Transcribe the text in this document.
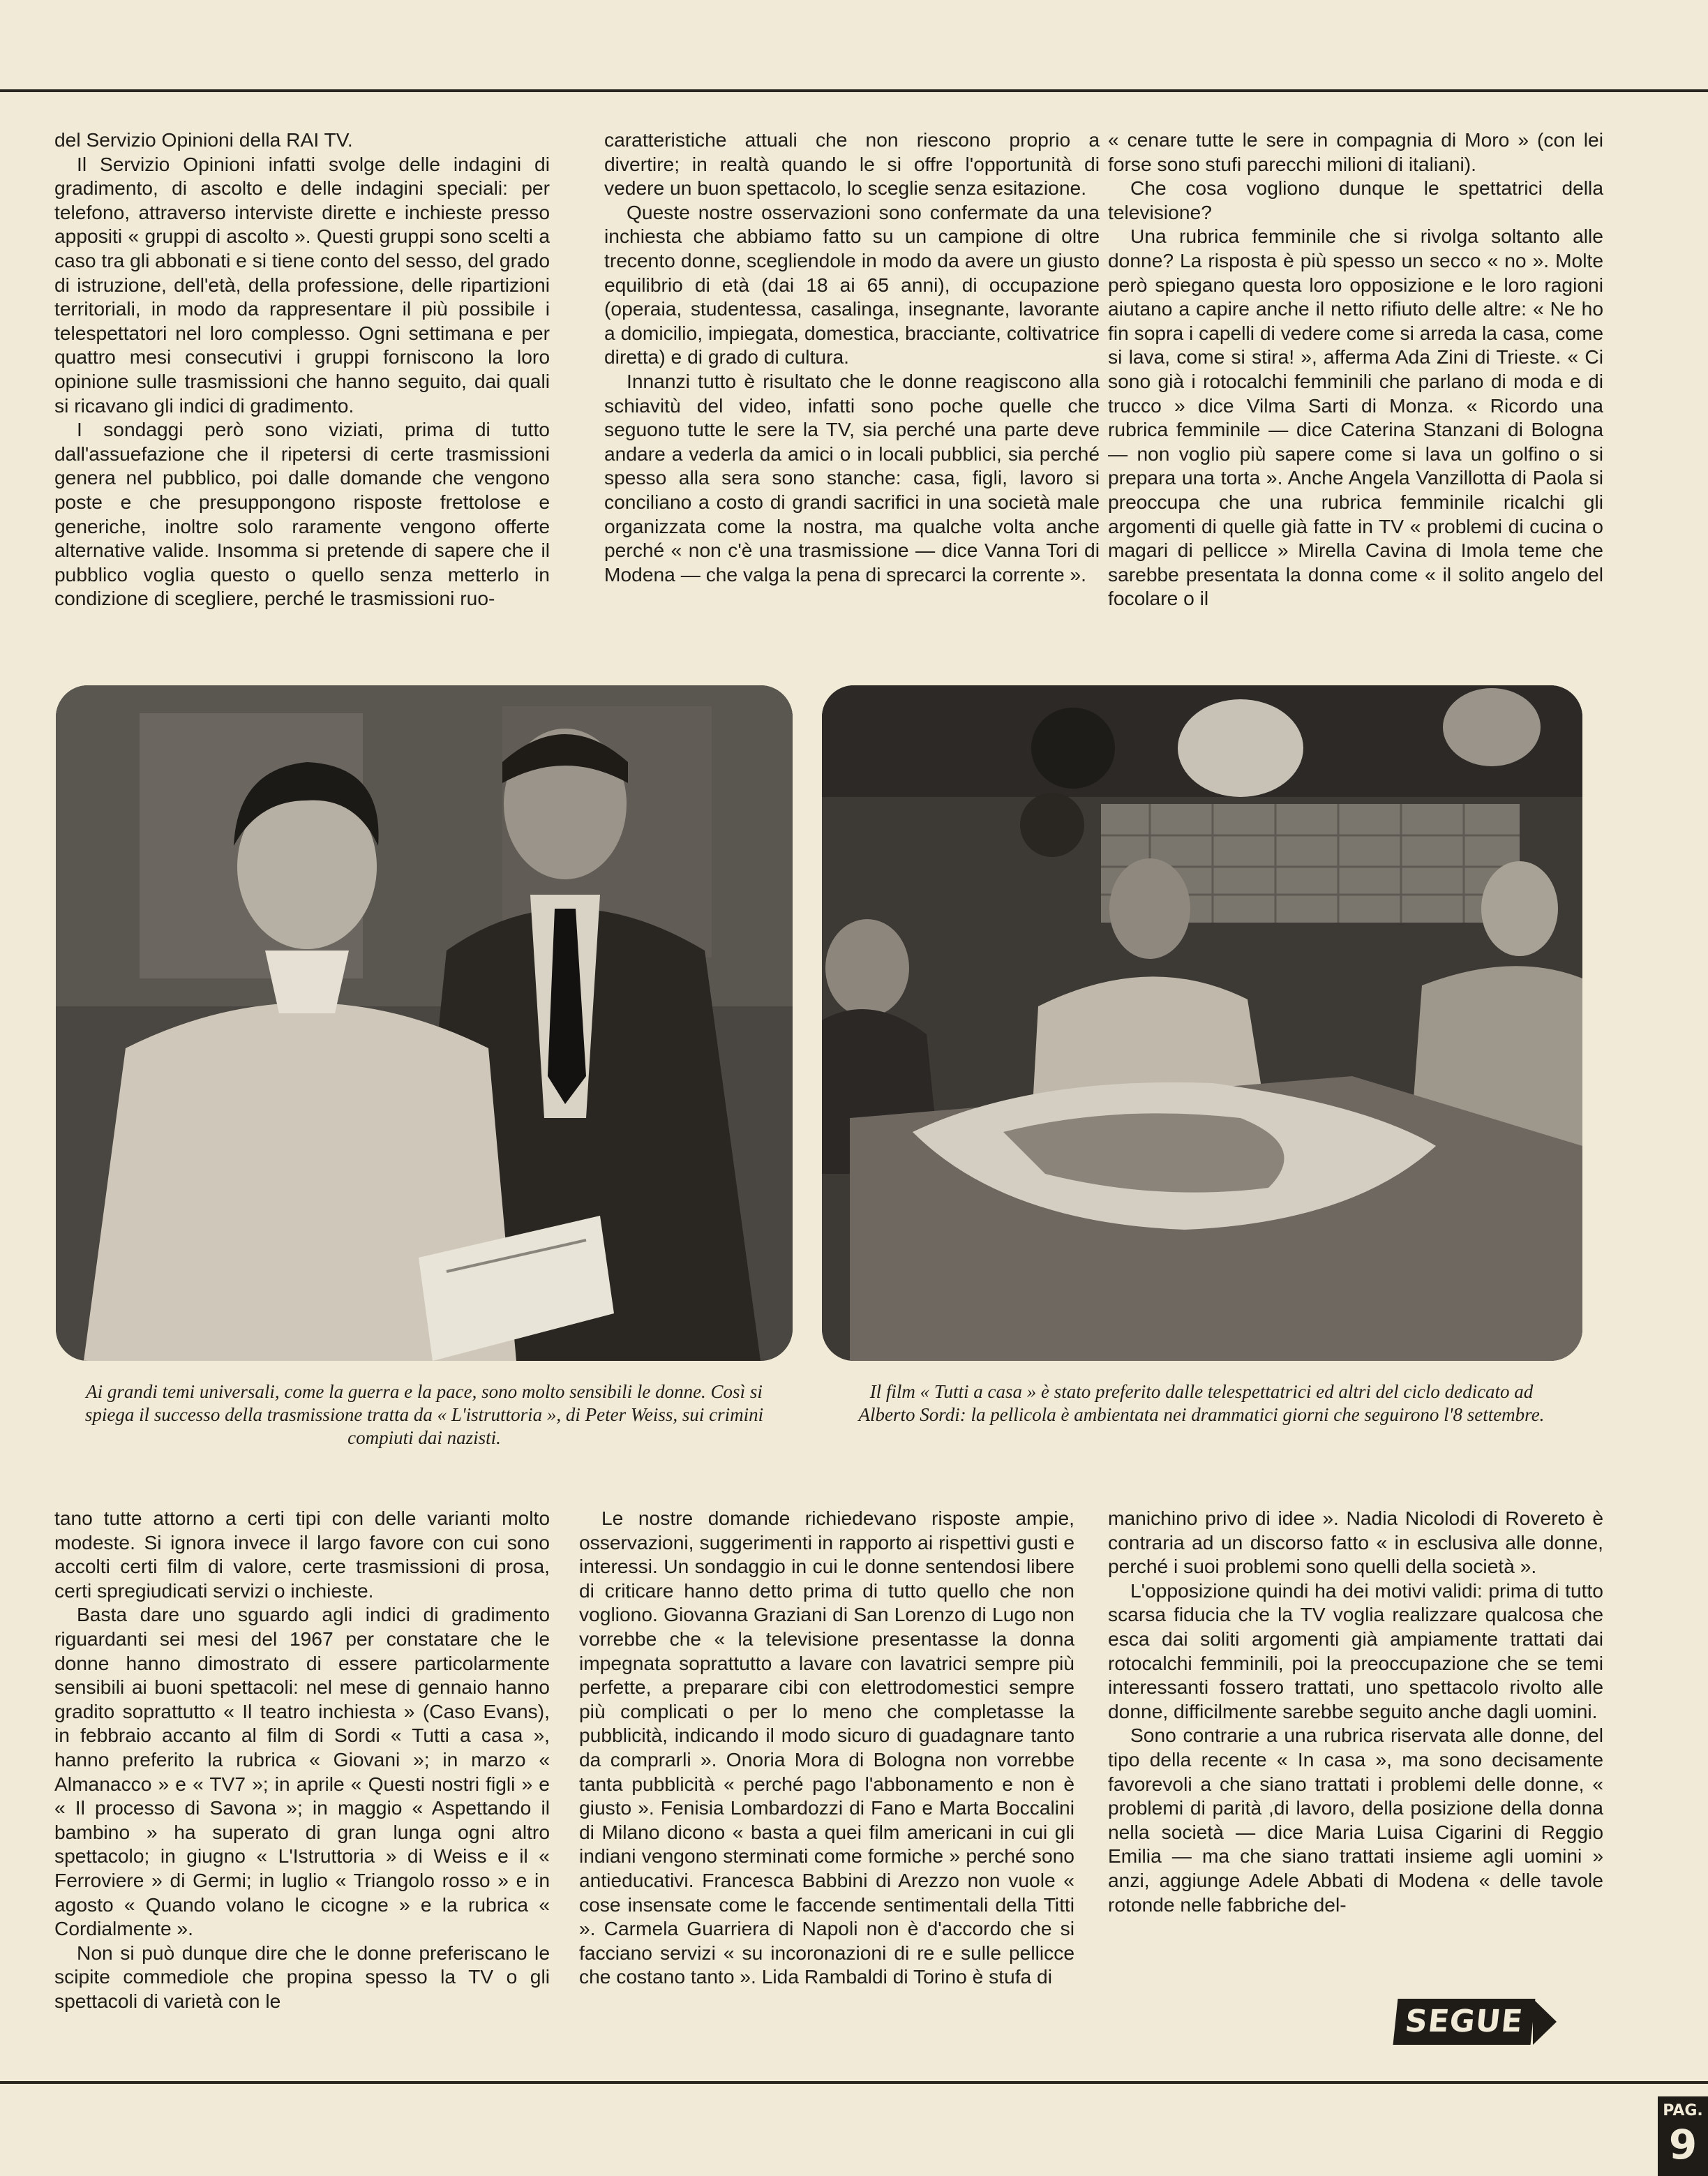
del Servizio Opinioni della RAI TV.

Il Servizio Opinioni infatti svolge delle indagini di gradimento, di ascolto e delle indagini speciali: per telefono, attraverso interviste dirette e inchieste presso appositi « gruppi di ascolto ». Questi gruppi sono scelti a caso tra gli abbonati e si tiene conto del sesso, del grado di istruzione, dell'età, della professione, delle ripartizioni territoriali, in modo da rappresentare il più possibile i telespettatori nel loro complesso. Ogni settimana e per quattro mesi consecutivi i gruppi forniscono la loro opinione sulle trasmissioni che hanno seguito, dai quali si ricavano gli indici di gradimento.

I sondaggi però sono viziati, prima di tutto dall'assuefazione che il ripetersi di certe trasmissioni genera nel pubblico, poi dalle domande che vengono poste e che presuppongono risposte frettolose e generiche, inoltre solo raramente vengono offerte alternative valide. Insomma si pretende di sapere che il pubblico voglia questo o quello senza metterlo in condizione di scegliere, perché le trasmissioni ruo-

caratteristiche attuali che non riescono proprio a divertire; in realtà quando le si offre l'opportunità di vedere un buon spettacolo, lo sceglie senza esitazione.

Queste nostre osservazioni sono confermate da una inchiesta che abbiamo fatto su un campione di oltre trecento donne, scegliendole in modo da avere un giusto equilibrio di età (dai 18 ai 65 anni), di occupazione (operaia, studentessa, casalinga, insegnante, lavorante a domicilio, impiegata, domestica, bracciante, coltivatrice diretta) e di grado di cultura.

Innanzi tutto è risultato che le donne reagiscono alla schiavitù del video, infatti sono poche quelle che seguono tutte le sere la TV, sia perché una parte deve andare a vederla da amici o in locali pubblici, sia perché spesso alla sera sono stanche: casa, figli, lavoro si conciliano a costo di grandi sacrifici in una società male organizzata come la nostra, ma qualche volta anche perché « non c'è una trasmissione — dice Vanna Tori di Modena — che valga la pena di sprecarci la corrente ».

« cenare tutte le sere in compagnia di Moro » (con lei forse sono stufi parecchi milioni di italiani).

Che cosa vogliono dunque le spettatrici della televisione?

Una rubrica femminile che si rivolga soltanto alle donne? La risposta è più spesso un secco « no ». Molte però spiegano questa loro opposizione e le loro ragioni aiutano a capire anche il netto rifiuto delle altre: « Ne ho fin sopra i capelli di vedere come si arreda la casa, come si lava, come si stira! », afferma Ada Zini di Trieste. « Ci sono già i rotocalchi femminili che parlano di moda e di trucco » dice Vilma Sarti di Monza. « Ricordo una rubrica femminile — dice Caterina Stanzani di Bologna — non voglio più sapere come si lava un golfino o si prepara una torta ». Anche Angela Vanzillotta di Paola si preoccupa che una rubrica femminile ricalchi gli argomenti di quelle già fatte in TV « problemi di cucina o magari di pellicce » Mirella Cavina di Imola teme che sarebbe presentata la donna come « il solito angelo del focolare o il

Ai grandi temi universali, come la guerra e la pace, sono molto sensibili le donne. Così si spiega il successo della trasmissione tratta da « L'istruttoria », di Peter Weiss, sui crimini compiuti dai nazisti.
Il film « Tutti a casa » è stato preferito dalle telespettatrici ed altri del ciclo dedicato ad Alberto Sordi: la pellicola è ambientata nei drammatici giorni che seguirono l'8 settembre.

tano tutte attorno a certi tipi con delle varianti molto modeste. Si ignora invece il largo favore con cui sono accolti certi film di valore, certe trasmissioni di prosa, certi spregiudicati servizi o inchieste.

Basta dare uno sguardo agli indici di gradimento riguardanti sei mesi del 1967 per constatare che le donne hanno dimostrato di essere particolarmente sensibili ai buoni spettacoli: nel mese di gennaio hanno gradito soprattutto « Il teatro inchiesta » (Caso Evans), in febbraio accanto al film di Sordi « Tutti a casa », hanno preferito la rubrica « Giovani »; in marzo « Almanacco » e « TV7 »; in aprile « Questi nostri figli » e « Il processo di Savona »; in maggio « Aspettando il bambino » ha superato di gran lunga ogni altro spettacolo; in giugno « L'Istruttoria » di Weiss e il « Ferroviere » di Germi; in luglio « Triangolo rosso » e in agosto « Quando volano le cicogne » e la rubrica « Cordialmente ».

Non si può dunque dire che le donne preferiscano le scipite commediole che propina spesso la TV o gli spettacoli di varietà con le

Le nostre domande richiedevano risposte ampie, osservazioni, suggerimenti in rapporto ai rispettivi gusti e interessi. Un sondaggio in cui le donne sentendosi libere di criticare hanno detto prima di tutto quello che non vogliono. Giovanna Graziani di San Lorenzo di Lugo non vorrebbe che « la televisione presentasse la donna impegnata soprattutto a lavare con lavatrici sempre più perfette, a preparare cibi con elettrodomestici sempre più complicati o per lo meno che completasse la pubblicità, indicando il modo sicuro di guadagnare tanto da comprarli ». Onoria Mora di Bologna non vorrebbe tanta pubblicità « perché pago l'abbonamento e non è giusto ». Fenisia Lombardozzi di Fano e Marta Boccalini di Milano dicono « basta a quei film americani in cui gli indiani vengono sterminati come formiche » perché sono antieducativi. Francesca Babbini di Arezzo non vuole « cose insensate come le faccende sentimentali della Titti ». Carmela Guarriera di Napoli non è d'accordo che si facciano servizi « su incoronazioni di re e sulle pellicce che costano tanto ». Lida Rambaldi di Torino è stufa di

manichino privo di idee ». Nadia Nicolodi di Rovereto è contraria ad un discorso fatto « in esclusiva alle donne, perché i suoi problemi sono quelli della società ».

L'opposizione quindi ha dei motivi validi: prima di tutto scarsa fiducia che la TV voglia realizzare qualcosa che esca dai soliti argomenti già ampiamente trattati dai rotocalchi femminili, poi la preoccupazione che se temi interessanti fossero trattati, uno spettacolo rivolto alle donne, difficilmente sarebbe seguito anche dagli uomini.

Sono contrarie a una rubrica riservata alle donne, del tipo della recente « In casa », ma sono decisamente favorevoli a che siano trattati i problemi delle donne, « problemi di parità ,di lavoro, della posizione della donna nella società — dice Maria Luisa Cigarini di Reggio Emilia — ma che siano trattati insieme agli uomini » anzi, aggiunge Adele Abbati di Modena « delle tavole rotonde nelle fabbriche del-

SEGUE
PAG.
9
